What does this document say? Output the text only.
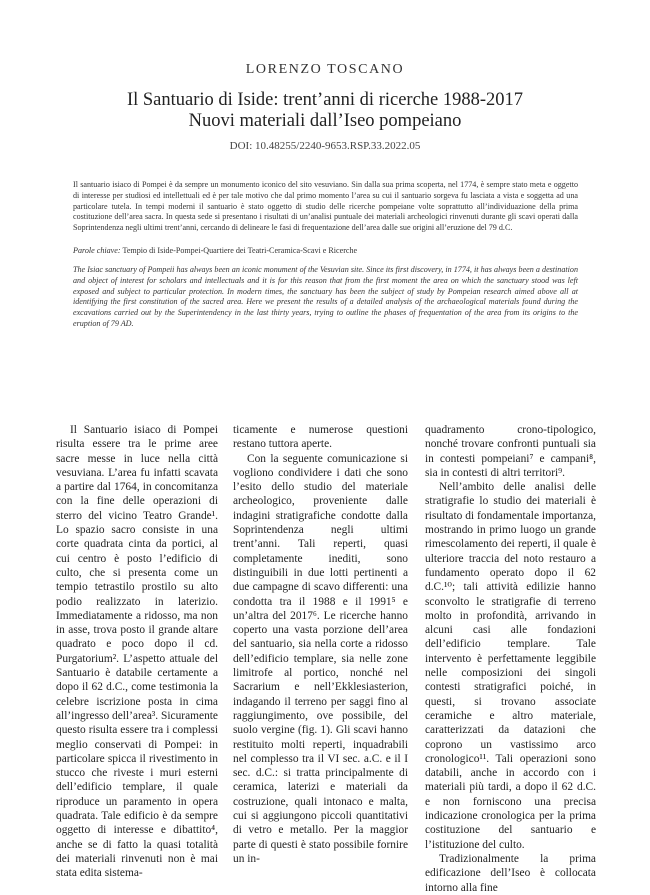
LORENZO TOSCANO
Il Santuario di Iside: trent’anni di ricerche 1988-2017
Nuovi materiali dall’Iseo pompeiano
DOI: 10.48255/2240-9653.RSP.33.2022.05
Il santuario isiaco di Pompei è da sempre un monumento iconico del sito vesuviano. Sin dalla sua prima scoperta, nel 1774, è sempre stato meta e oggetto di interesse per studiosi ed intellettuali ed è per tale motivo che dal primo momento l’area su cui il santuario sorgeva fu lasciata a vista e soggetta ad una particolare tutela. In tempi moderni il santuario è stato oggetto di studio delle ricerche pompeiane volte soprattutto all’individuazione della prima costituzione dell’area sacra. In questa sede si presentano i risultati di un’analisi puntuale dei materiali archeologici rinvenuti durante gli scavi operati dalla Soprintendenza negli ultimi trent’anni, cercando di delineare le fasi di frequentazione dell’area dalle sue origini all’eruzione del 79 d.C.
Parole chiave: Tempio di Iside-Pompei-Quartiere dei Teatri-Ceramica-Scavi e Ricerche
The Isiac sanctuary of Pompeii has always been an iconic monument of the Vesuvian site. Since its first discovery, in 1774, it has always been a destination and object of interest for scholars and intellectuals and it is for this reason that from the first moment the area on which the sanctuary stood was left exposed and subject to particular protection. In modern times, the sanctuary has been the subject of study by Pompeian research aimed above all at identifying the first constitution of the sacred area. Here we present the results of a detailed analysis of the archaeological materials found during the excavations carried out by the Superintendency in the last thirty years, trying to outline the phases of frequentation of the area from its origins to the eruption of 79 AD.

Il Santuario isiaco di Pompei risulta essere tra le prime aree sacre messe in luce nella città vesuviana. L’area fu infatti scavata a partire dal 1764, in concomitanza con la fine delle operazioni di sterro del vicino Teatro Grande¹. Lo spazio sacro consiste in una corte quadrata cinta da portici, al cui centro è posto l’edificio di culto, che si presenta come un tempio tetrastilo prostilo su alto podio realizzato in laterizio. Immediatamente a ridosso, ma non in asse, trova posto il grande altare quadrato e poco dopo il cd. Purgatorium². L’aspetto attuale del Santuario è databile certamente a dopo il 62 d.C., come testimonia la celebre iscrizione posta in cima all’ingresso dell’area³. Sicuramente questo risulta essere tra i complessi meglio conservati di Pompei: in particolare spicca il rivestimento in stucco che riveste i muri esterni dell’edificio templare, il quale riproduce un paramento in opera quadrata. Tale edificio è da sempre oggetto di interesse e dibattito⁴, anche se di fatto la quasi totalità dei materiali rinvenuti non è mai stata edita sistema-

ticamente e numerose questioni restano tuttora aperte.

Con la seguente comunicazione si vogliono condividere i dati che sono l’esito dello studio del materiale archeologico, proveniente dalle indagini stratigrafiche condotte dalla Soprintendenza negli ultimi trent’anni. Tali reperti, quasi completamente inediti, sono distinguibili in due lotti pertinenti a due campagne di scavo differenti: una condotta tra il 1988 e il 1991⁵ e un’altra del 2017⁶. Le ricerche hanno coperto una vasta porzione dell’area del santuario, sia nella corte a ridosso dell’edificio templare, sia nelle zone limitrofe al portico, nonché nel Sacrarium e nell’Ekklesiasterion, indagando il terreno per saggi fino al raggiungimento, ove possibile, del suolo vergine (fig. 1). Gli scavi hanno restituito molti reperti, inquadrabili nel complesso tra il VI sec. a.C. e il I sec. d.C.: si tratta principalmente di ceramica, laterizi e materiali da costruzione, quali intonaco e malta, cui si aggiungono piccoli quantitativi di vetro e metallo. Per la maggior parte di questi è stato possibile fornire un in-

quadramento crono-tipologico, nonché trovare confronti puntuali sia in contesti pompeiani⁷ e campani⁸, sia in contesti di altri territori⁹.

Nell’ambito delle analisi delle stratigrafie lo studio dei materiali è risultato di fondamentale importanza, mostrando in primo luogo un grande rimescolamento dei reperti, il quale è ulteriore traccia del noto restauro a fundamento operato dopo il 62 d.C.¹⁰; tali attività edilizie hanno sconvolto le stratigrafie di terreno molto in profondità, arrivando in alcuni casi alle fondazioni dell’edificio templare. Tale intervento è perfettamente leggibile nelle composizioni dei singoli contesti stratigrafici poiché, in questi, si trovano associate ceramiche e altro materiale, caratterizzati da datazioni che coprono un vastissimo arco cronologico¹¹. Tali operazioni sono databili, anche in accordo con i materiali più tardi, a dopo il 62 d.C. e non forniscono una precisa indicazione cronologica per la prima costituzione del santuario e l’istituzione del culto.

Tradizionalmente la prima edificazione dell’Iseo è collocata intorno alla fine
